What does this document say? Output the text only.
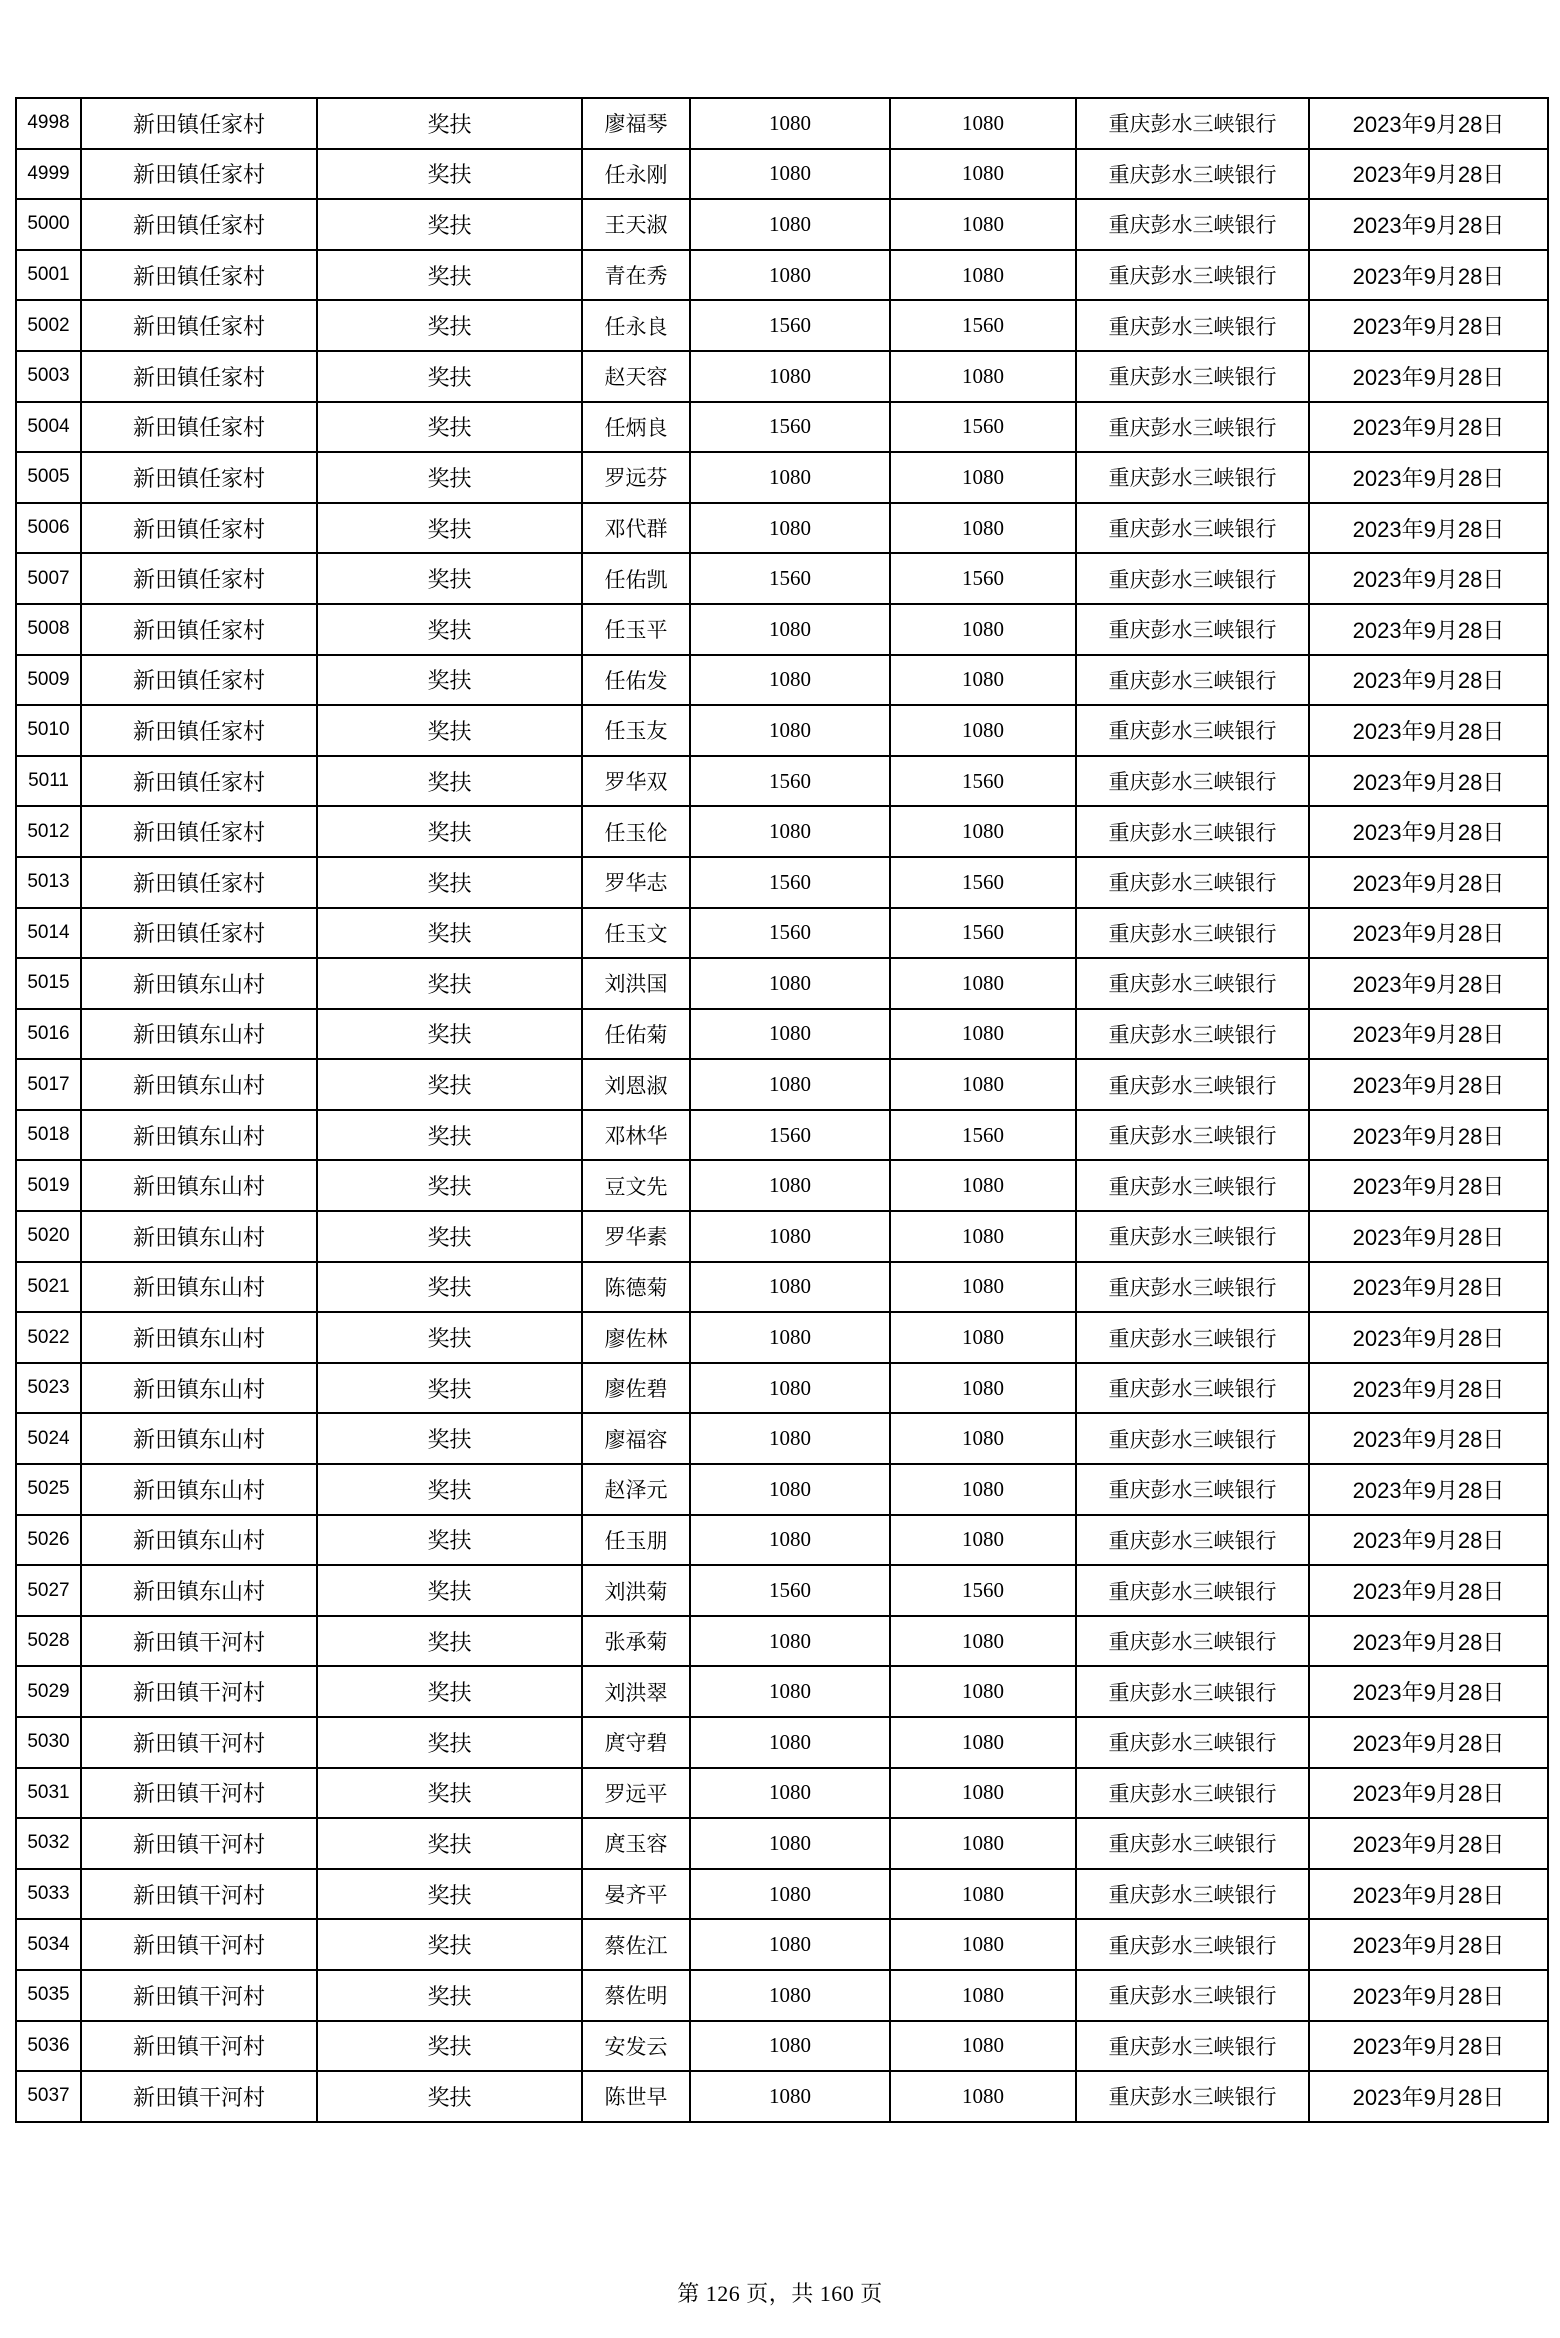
4998	新田镇任家村	奖扶	廖福琴	1080	1080	重庆彭水三峡银行	2023年9月28日
4999	新田镇任家村	奖扶	任永刚	1080	1080	重庆彭水三峡银行	2023年9月28日
5000	新田镇任家村	奖扶	王天淑	1080	1080	重庆彭水三峡银行	2023年9月28日
5001	新田镇任家村	奖扶	青在秀	1080	1080	重庆彭水三峡银行	2023年9月28日
5002	新田镇任家村	奖扶	任永良	1560	1560	重庆彭水三峡银行	2023年9月28日
5003	新田镇任家村	奖扶	赵天容	1080	1080	重庆彭水三峡银行	2023年9月28日
5004	新田镇任家村	奖扶	任炳良	1560	1560	重庆彭水三峡银行	2023年9月28日
5005	新田镇任家村	奖扶	罗远芬	1080	1080	重庆彭水三峡银行	2023年9月28日
5006	新田镇任家村	奖扶	邓代群	1080	1080	重庆彭水三峡银行	2023年9月28日
5007	新田镇任家村	奖扶	任佑凯	1560	1560	重庆彭水三峡银行	2023年9月28日
5008	新田镇任家村	奖扶	任玉平	1080	1080	重庆彭水三峡银行	2023年9月28日
5009	新田镇任家村	奖扶	任佑发	1080	1080	重庆彭水三峡银行	2023年9月28日
5010	新田镇任家村	奖扶	任玉友	1080	1080	重庆彭水三峡银行	2023年9月28日
5011	新田镇任家村	奖扶	罗华双	1560	1560	重庆彭水三峡银行	2023年9月28日
5012	新田镇任家村	奖扶	任玉伦	1080	1080	重庆彭水三峡银行	2023年9月28日
5013	新田镇任家村	奖扶	罗华志	1560	1560	重庆彭水三峡银行	2023年9月28日
5014	新田镇任家村	奖扶	任玉文	1560	1560	重庆彭水三峡银行	2023年9月28日
5015	新田镇东山村	奖扶	刘洪国	1080	1080	重庆彭水三峡银行	2023年9月28日
5016	新田镇东山村	奖扶	任佑菊	1080	1080	重庆彭水三峡银行	2023年9月28日
5017	新田镇东山村	奖扶	刘恩淑	1080	1080	重庆彭水三峡银行	2023年9月28日
5018	新田镇东山村	奖扶	邓林华	1560	1560	重庆彭水三峡银行	2023年9月28日
5019	新田镇东山村	奖扶	豆文先	1080	1080	重庆彭水三峡银行	2023年9月28日
5020	新田镇东山村	奖扶	罗华素	1080	1080	重庆彭水三峡银行	2023年9月28日
5021	新田镇东山村	奖扶	陈德菊	1080	1080	重庆彭水三峡银行	2023年9月28日
5022	新田镇东山村	奖扶	廖佐林	1080	1080	重庆彭水三峡银行	2023年9月28日
5023	新田镇东山村	奖扶	廖佐碧	1080	1080	重庆彭水三峡银行	2023年9月28日
5024	新田镇东山村	奖扶	廖福容	1080	1080	重庆彭水三峡银行	2023年9月28日
5025	新田镇东山村	奖扶	赵泽元	1080	1080	重庆彭水三峡银行	2023年9月28日
5026	新田镇东山村	奖扶	任玉朋	1080	1080	重庆彭水三峡银行	2023年9月28日
5027	新田镇东山村	奖扶	刘洪菊	1560	1560	重庆彭水三峡银行	2023年9月28日
5028	新田镇干河村	奖扶	张承菊	1080	1080	重庆彭水三峡银行	2023年9月28日
5029	新田镇干河村	奖扶	刘洪翠	1080	1080	重庆彭水三峡银行	2023年9月28日
5030	新田镇干河村	奖扶	庹守碧	1080	1080	重庆彭水三峡银行	2023年9月28日
5031	新田镇干河村	奖扶	罗远平	1080	1080	重庆彭水三峡银行	2023年9月28日
5032	新田镇干河村	奖扶	庹玉容	1080	1080	重庆彭水三峡银行	2023年9月28日
5033	新田镇干河村	奖扶	晏齐平	1080	1080	重庆彭水三峡银行	2023年9月28日
5034	新田镇干河村	奖扶	蔡佐江	1080	1080	重庆彭水三峡银行	2023年9月28日
5035	新田镇干河村	奖扶	蔡佐明	1080	1080	重庆彭水三峡银行	2023年9月28日
5036	新田镇干河村	奖扶	安发云	1080	1080	重庆彭水三峡银行	2023年9月28日
5037	新田镇干河村	奖扶	陈世早	1080	1080	重庆彭水三峡银行	2023年9月28日
第 126 页，共 160 页
